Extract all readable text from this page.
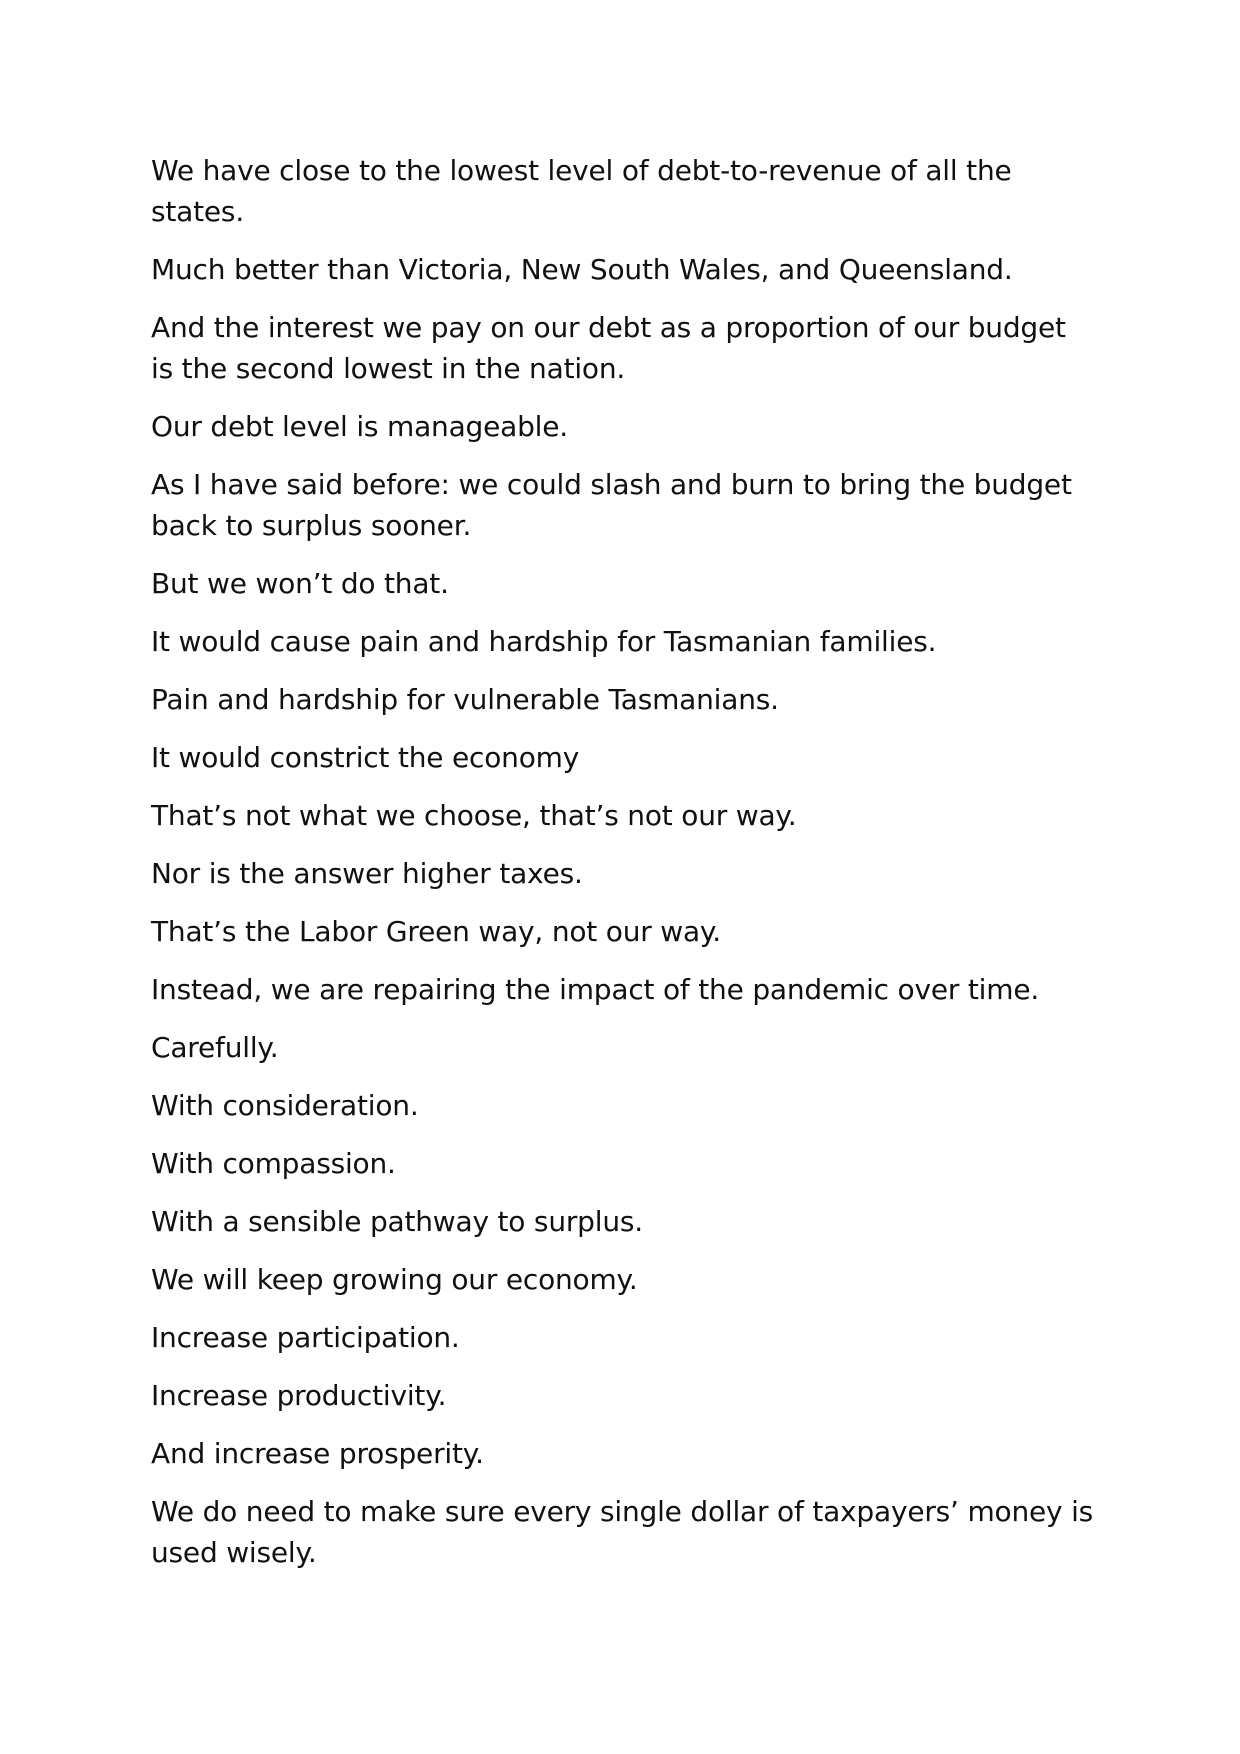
We have close to the lowest level of debt-to-revenue of all the
states.

Much better than Victoria, New South Wales, and Queensland.

And the interest we pay on our debt as a proportion of our budget
is the second lowest in the nation.

Our debt level is manageable.

As I have said before: we could slash and burn to bring the budget
back to surplus sooner.

But we won’t do that.

It would cause pain and hardship for Tasmanian families.

Pain and hardship for vulnerable Tasmanians.

It would constrict the economy

That’s not what we choose, that’s not our way.

Nor is the answer higher taxes.

That’s the Labor Green way, not our way.

Instead, we are repairing the impact of the pandemic over time.

Carefully.

With consideration.

With compassion.

With a sensible pathway to surplus.

We will keep growing our economy.

Increase participation.

Increase productivity.

And increase prosperity.

We do need to make sure every single dollar of taxpayers’ money is
used wisely.
